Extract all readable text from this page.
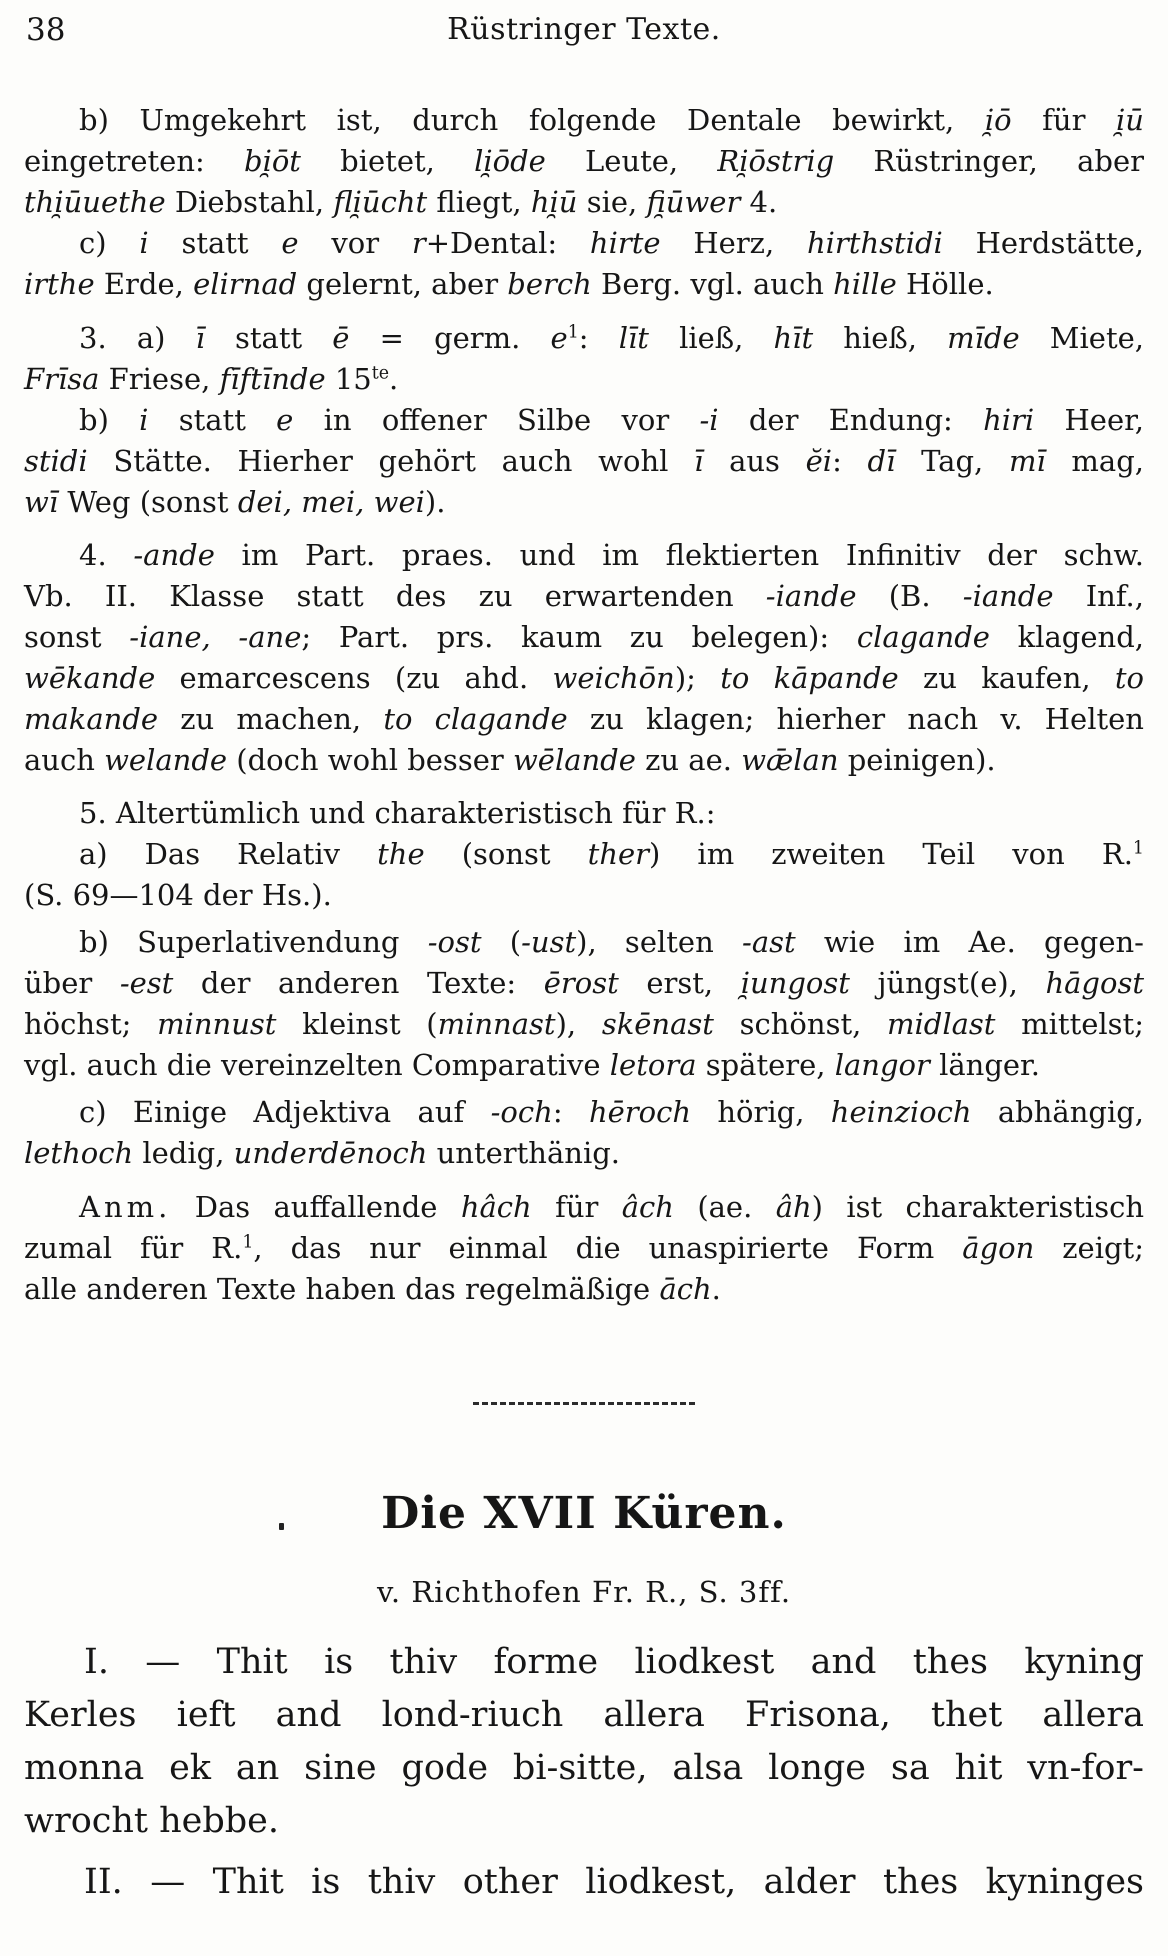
38	Rüstringer Texte.
b) Umgekehrt ist, durch folgende Dentale bewirkt, i̯ō für i̯ū
eingetreten: bi̯ōt bietet, li̯ōde Leute, Ri̯ōstrig Rüstringer, aber
thi̯ūuethe Diebstahl, fli̯ūcht fliegt, hi̯ū sie, fi̯ūwer 4.
c) i statt e vor r+Dental: hirte Herz, hirthstidi Herdstätte,
irthe Erde, elirnad gelernt, aber berch Berg. vgl. auch hille Hölle.
3. a) ī statt ē = germ. $e^1$: līt ließ, hīt hieß, mīde Miete,
Frīsa Friese, fīftīnde $15^{te}$.
b) i statt e in offener Silbe vor -i der Endung: hiri Heer,
stidi Stätte. Hierher gehört auch wohl ī aus ĕi: dī Tag, mī mag,
wī Weg (sonst dei, mei, wei).
4. -ande im Part. praes. und im flektierten Infinitiv der schw.
Vb. II. Klasse statt des zu erwartenden -iande (B. -iande Inf.,
sonst -iane, -ane; Part. prs. kaum zu belegen): clagande klagend,
wēkande emarcescens (zu ahd. weichōn); to kāpande zu kaufen, to
makande zu machen, to clagande zu klagen; hierher nach v. Helten
auch welande (doch wohl besser wēlande zu ae. wǣlan peinigen).
5. Altertümlich und charakteristisch für R.:
a) Das Relativ the (sonst ther) im zweiten Teil von R.$^1$
(S. 69—104 der Hs.).
b) Superlativendung -ost (-ust), selten -ast wie im Ae. gegen-
über -est der anderen Texte: ērost erst, i̯ungost jüngst(e), hāgost
höchst; minnust kleinst (minnast), skēnast schönst, midlast mittelst;
vgl. auch die vereinzelten Comparative letora spätere, langor länger.
c) Einige Adjektiva auf -och: hēroch hörig, heinzioch abhängig,
lethoch ledig, underdēnoch unterthänig.
Anm. Das auffallende hâch für âch (ae. âh) ist charakteristisch
zumal für R.$^1$, das nur einmal die unaspirierte Form āgon zeigt;
alle anderen Texte haben das regelmäßige āch.
Die XVII Küren.
v. Richthofen Fr. R., S. 3ff.
I. — Thit is thiv forme liodkest and thes kyning
Kerles ieft and lond-riuch allera Frisona, thet allera
monna ek an sine gode bi-sitte, alsa longe sa hit vn-for-
wrocht hebbe.
II. — Thit is thiv other liodkest, alder thes kyninges
